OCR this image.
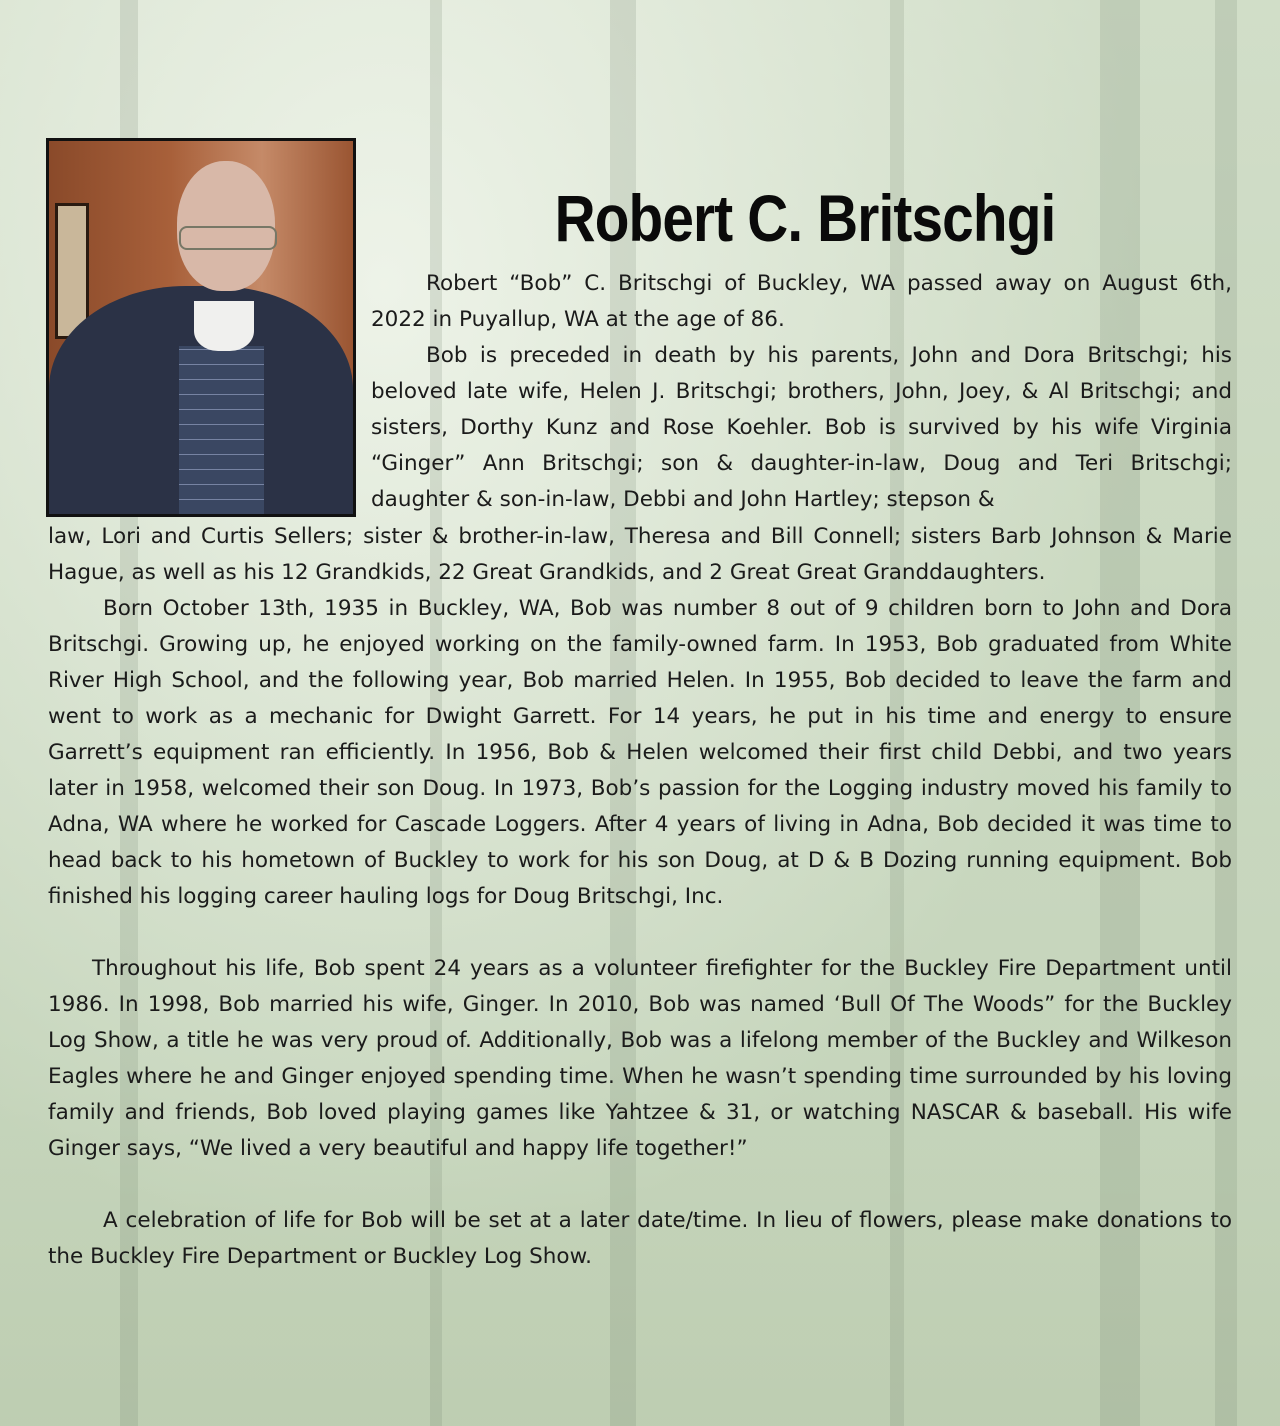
Robert C. Britschgi

Robert “Bob” C. Britschgi of Buckley, WA passed away on August 6th, 2022 in Puyallup, WA at the age of 86.

Bob is preceded in death by his parents, John and Dora Britschgi; his beloved late wife, Helen J. Britschgi; brothers, John, Joey, & Al Britschgi; and sisters, Dorthy Kunz and Rose Koehler. Bob is survived by his wife Virginia “Ginger” Ann Britschgi; son & daughter-in-law, Doug and Teri Britschgi; daughter & son-in-law, Debbi and John Hartley; stepson &

law, Lori and Curtis Sellers; sister & brother-in-law, Theresa and Bill Connell; sisters Barb Johnson & Marie Hague, as well as his 12 Grandkids, 22 Great Grandkids, and 2 Great Great Granddaughters.

Born October 13th, 1935 in Buckley, WA, Bob was number 8 out of 9 children born to John and Dora Britschgi. Growing up, he enjoyed working on the family-owned farm. In 1953, Bob graduated from White River High School, and the following year, Bob married Helen. In 1955, Bob decided to leave the farm and went to work as a mechanic for Dwight Garrett. For 14 years, he put in his time and energy to ensure Garrett’s equipment ran efficiently. In 1956, Bob & Helen welcomed their first child Debbi, and two years later in 1958, welcomed their son Doug. In 1973, Bob’s passion for the Logging industry moved his family to Adna, WA where he worked for Cascade Loggers. After 4 years of living in Adna, Bob decided it was time to head back to his hometown of Buckley to work for his son Doug, at D & B Dozing running equipment. Bob finished his logging career hauling logs for Doug Britschgi, Inc.

Throughout his life, Bob spent 24 years as a volunteer firefighter for the Buckley Fire Department until 1986. In 1998, Bob married his wife, Ginger. In 2010, Bob was named ‘Bull Of The Woods” for the Buckley Log Show, a title he was very proud of. Additionally, Bob was a lifelong member of the Buckley and Wilkeson Eagles where he and Ginger enjoyed spending time. When he wasn’t spending time surrounded by his loving family and friends, Bob loved playing games like Yahtzee & 31, or watching NASCAR & baseball. His wife Ginger says, “We lived a very beautiful and happy life together!”

A celebration of life for Bob will be set at a later date/time. In lieu of flowers, please make donations to the Buckley Fire Department or Buckley Log Show.
